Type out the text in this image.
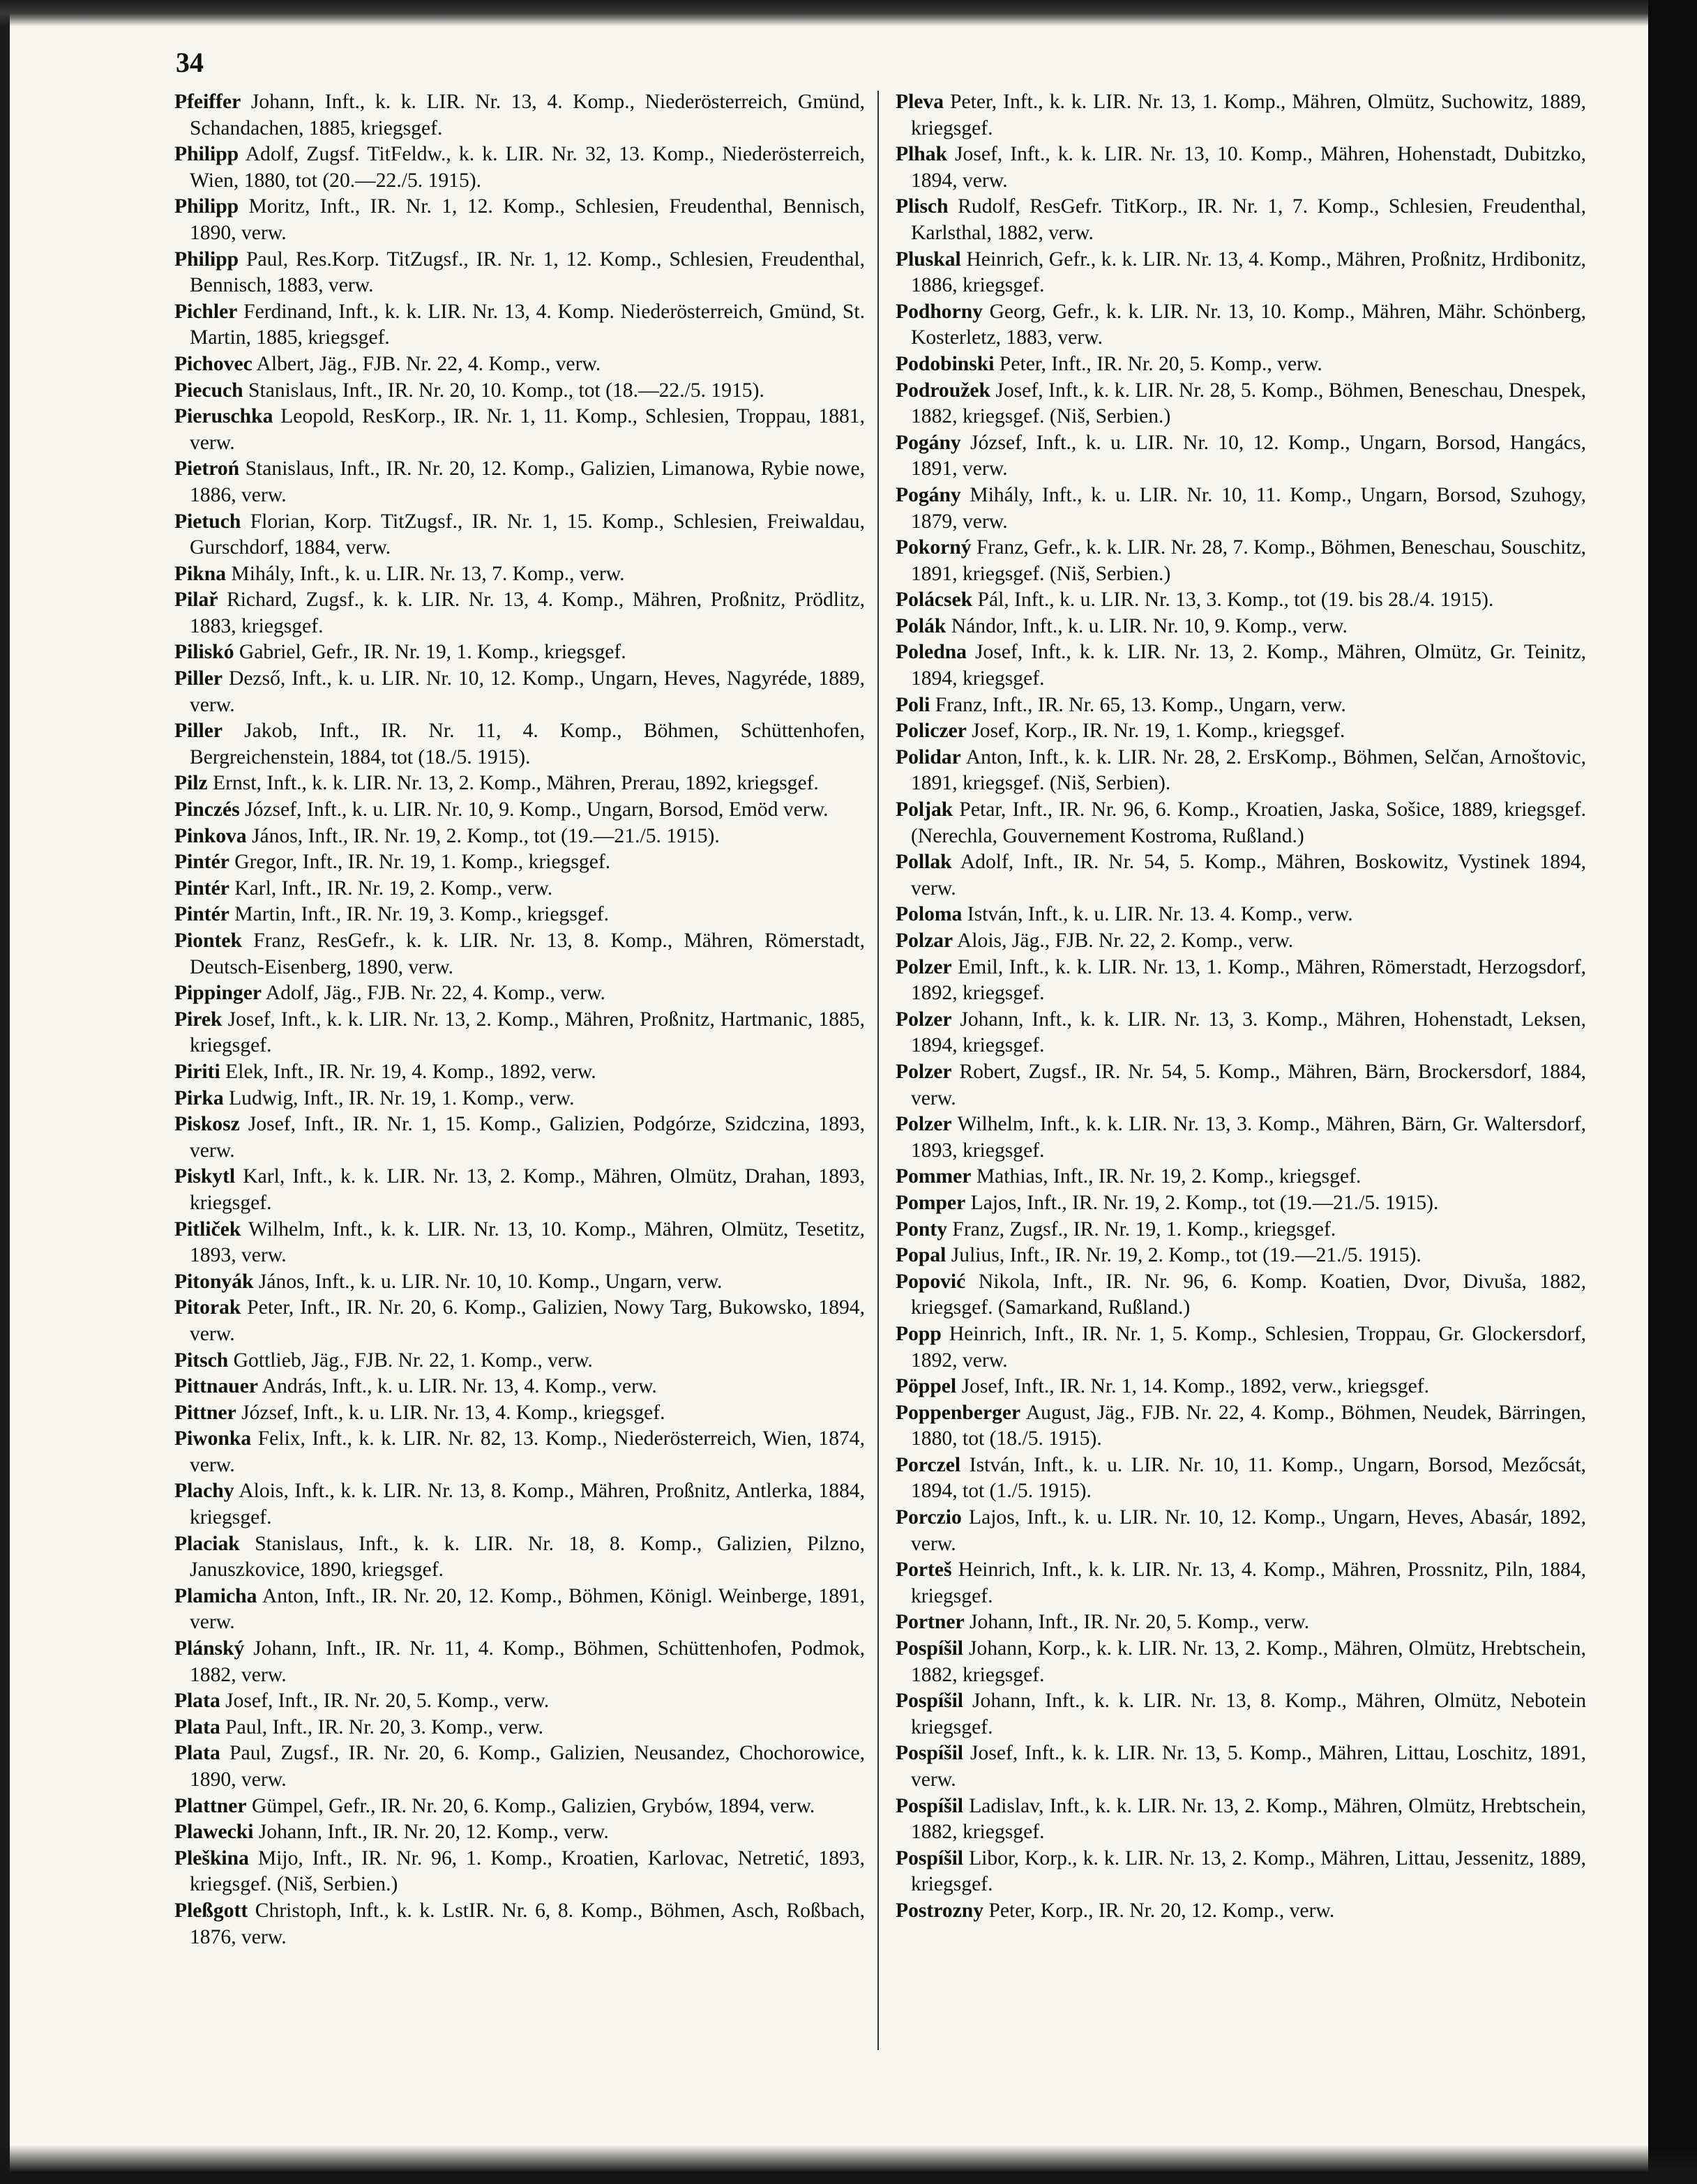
34

Pfeiffer Johann, Inft., k. k. LIR. Nr. 13, 4. Komp., Niederösterreich, Gmünd, Schandachen, 1885, kriegsgef.

Philipp Adolf, Zugsf. TitFeldw., k. k. LIR. Nr. 32, 13. Komp., Niederösterreich, Wien, 1880, tot (20.—22./5. 1915).

Philipp Moritz, Inft., IR. Nr. 1, 12. Komp., Schlesien, Freudenthal, Bennisch, 1890, verw.

Philipp Paul, Res.Korp. TitZugsf., IR. Nr. 1, 12. Komp., Schlesien, Freudenthal, Bennisch, 1883, verw.

Pichler Ferdinand, Inft., k. k. LIR. Nr. 13, 4. Komp. Niederösterreich, Gmünd, St. Martin, 1885, kriegsgef.

Pichovec Albert, Jäg., FJB. Nr. 22, 4. Komp., verw.

Piecuch Stanislaus, Inft., IR. Nr. 20, 10. Komp., tot (18.—22./5. 1915).

Pieruschka Leopold, ResKorp., IR. Nr. 1, 11. Komp., Schlesien, Troppau, 1881, verw.

Pietroń Stanislaus, Inft., IR. Nr. 20, 12. Komp., Galizien, Limanowa, Rybie nowe, 1886, verw.

Pietuch Florian, Korp. TitZugsf., IR. Nr. 1, 15. Komp., Schlesien, Freiwaldau, Gurschdorf, 1884, verw.

Pikna Mihály, Inft., k. u. LIR. Nr. 13, 7. Komp., verw.

Pilař Richard, Zugsf., k. k. LIR. Nr. 13, 4. Komp., Mähren, Proßnitz, Prödlitz, 1883, kriegsgef.

Piliskó Gabriel, Gefr., IR. Nr. 19, 1. Komp., kriegsgef.

Piller Dezső, Inft., k. u. LIR. Nr. 10, 12. Komp., Ungarn, Heves, Nagyréde, 1889, verw.

Piller Jakob, Inft., IR. Nr. 11, 4. Komp., Böhmen, Schüttenhofen, Bergreichenstein, 1884, tot (18./5. 1915).

Pilz Ernst, Inft., k. k. LIR. Nr. 13, 2. Komp., Mähren, Prerau, 1892, kriegsgef.

Pinczés József, Inft., k. u. LIR. Nr. 10, 9. Komp., Ungarn, Borsod, Emöd verw.

Pinkova János, Inft., IR. Nr. 19, 2. Komp., tot (19.—21./5. 1915).

Pintér Gregor, Inft., IR. Nr. 19, 1. Komp., kriegsgef.

Pintér Karl, Inft., IR. Nr. 19, 2. Komp., verw.

Pintér Martin, Inft., IR. Nr. 19, 3. Komp., kriegsgef.

Piontek Franz, ResGefr., k. k. LIR. Nr. 13, 8. Komp., Mähren, Römerstadt, Deutsch-Eisenberg, 1890, verw.

Pippinger Adolf, Jäg., FJB. Nr. 22, 4. Komp., verw.

Pirek Josef, Inft., k. k. LIR. Nr. 13, 2. Komp., Mähren, Proßnitz, Hartmanic, 1885, kriegsgef.

Piriti Elek, Inft., IR. Nr. 19, 4. Komp., 1892, verw.

Pirka Ludwig, Inft., IR. Nr. 19, 1. Komp., verw.

Piskosz Josef, Inft., IR. Nr. 1, 15. Komp., Galizien, Podgórze, Szidczina, 1893, verw.

Piskytl Karl, Inft., k. k. LIR. Nr. 13, 2. Komp., Mähren, Olmütz, Drahan, 1893, kriegsgef.

Pitliček Wilhelm, Inft., k. k. LIR. Nr. 13, 10. Komp., Mähren, Olmütz, Tesetitz, 1893, verw.

Pitonyák János, Inft., k. u. LIR. Nr. 10, 10. Komp., Ungarn, verw.

Pitorak Peter, Inft., IR. Nr. 20, 6. Komp., Galizien, Nowy Targ, Bukowsko, 1894, verw.

Pitsch Gottlieb, Jäg., FJB. Nr. 22, 1. Komp., verw.

Pittnauer András, Inft., k. u. LIR. Nr. 13, 4. Komp., verw.

Pittner József, Inft., k. u. LIR. Nr. 13, 4. Komp., kriegsgef.

Piwonka Felix, Inft., k. k. LIR. Nr. 82, 13. Komp., Niederösterreich, Wien, 1874, verw.

Plachy Alois, Inft., k. k. LIR. Nr. 13, 8. Komp., Mähren, Proßnitz, Antlerka, 1884, kriegsgef.

Placiak Stanislaus, Inft., k. k. LIR. Nr. 18, 8. Komp., Galizien, Pilzno, Januszkovice, 1890, kriegsgef.

Plamicha Anton, Inft., IR. Nr. 20, 12. Komp., Böhmen, Königl. Weinberge, 1891, verw.

Plánský Johann, Inft., IR. Nr. 11, 4. Komp., Böhmen, Schüttenhofen, Podmok, 1882, verw.

Plata Josef, Inft., IR. Nr. 20, 5. Komp., verw.

Plata Paul, Inft., IR. Nr. 20, 3. Komp., verw.

Plata Paul, Zugsf., IR. Nr. 20, 6. Komp., Galizien, Neusandez, Chochorowice, 1890, verw.

Plattner Gümpel, Gefr., IR. Nr. 20, 6. Komp., Galizien, Grybów, 1894, verw.

Plawecki Johann, Inft., IR. Nr. 20, 12. Komp., verw.

Pleškina Mijo, Inft., IR. Nr. 96, 1. Komp., Kroatien, Karlovac, Netretić, 1893, kriegsgef. (Niš, Serbien.)

Pleßgott Christoph, Inft., k. k. LstIR. Nr. 6, 8. Komp., Böhmen, Asch, Roßbach, 1876, verw.

Pleva Peter, Inft., k. k. LIR. Nr. 13, 1. Komp., Mähren, Olmütz, Suchowitz, 1889, kriegsgef.

Plhak Josef, Inft., k. k. LIR. Nr. 13, 10. Komp., Mähren, Hohenstadt, Dubitzko, 1894, verw.

Plisch Rudolf, ResGefr. TitKorp., IR. Nr. 1, 7. Komp., Schlesien, Freudenthal, Karlsthal, 1882, verw.

Pluskal Heinrich, Gefr., k. k. LIR. Nr. 13, 4. Komp., Mähren, Proßnitz, Hrdibonitz, 1886, kriegsgef.

Podhorny Georg, Gefr., k. k. LIR. Nr. 13, 10. Komp., Mähren, Mähr. Schönberg, Kosterletz, 1883, verw.

Podobinski Peter, Inft., IR. Nr. 20, 5. Komp., verw.

Podroužek Josef, Inft., k. k. LIR. Nr. 28, 5. Komp., Böhmen, Beneschau, Dnespek, 1882, kriegsgef. (Niš, Serbien.)

Pogány József, Inft., k. u. LIR. Nr. 10, 12. Komp., Ungarn, Borsod, Hangács, 1891, verw.

Pogány Mihály, Inft., k. u. LIR. Nr. 10, 11. Komp., Ungarn, Borsod, Szuhogy, 1879, verw.

Pokorný Franz, Gefr., k. k. LIR. Nr. 28, 7. Komp., Böhmen, Beneschau, Souschitz, 1891, kriegsgef. (Niš, Serbien.)

Polácsek Pál, Inft., k. u. LIR. Nr. 13, 3. Komp., tot (19. bis 28./4. 1915).

Polák Nándor, Inft., k. u. LIR. Nr. 10, 9. Komp., verw.

Poledna Josef, Inft., k. k. LIR. Nr. 13, 2. Komp., Mähren, Olmütz, Gr. Teinitz, 1894, kriegsgef.

Poli Franz, Inft., IR. Nr. 65, 13. Komp., Ungarn, verw.

Policzer Josef, Korp., IR. Nr. 19, 1. Komp., kriegsgef.

Polidar Anton, Inft., k. k. LIR. Nr. 28, 2. ErsKomp., Böhmen, Selčan, Arnoštovic, 1891, kriegsgef. (Niš, Serbien).

Poljak Petar, Inft., IR. Nr. 96, 6. Komp., Kroatien, Jaska, Sošice, 1889, kriegsgef. (Nerechla, Gouvernement Kostroma, Rußland.)

Pollak Adolf, Inft., IR. Nr. 54, 5. Komp., Mähren, Boskowitz, Vystinek 1894, verw.

Poloma István, Inft., k. u. LIR. Nr. 13. 4. Komp., verw.

Polzar Alois, Jäg., FJB. Nr. 22, 2. Komp., verw.

Polzer Emil, Inft., k. k. LIR. Nr. 13, 1. Komp., Mähren, Römerstadt, Herzogsdorf, 1892, kriegsgef.

Polzer Johann, Inft., k. k. LIR. Nr. 13, 3. Komp., Mähren, Hohenstadt, Leksen, 1894, kriegsgef.

Polzer Robert, Zugsf., IR. Nr. 54, 5. Komp., Mähren, Bärn, Brockersdorf, 1884, verw.

Polzer Wilhelm, Inft., k. k. LIR. Nr. 13, 3. Komp., Mähren, Bärn, Gr. Waltersdorf, 1893, kriegsgef.

Pommer Mathias, Inft., IR. Nr. 19, 2. Komp., kriegsgef.

Pomper Lajos, Inft., IR. Nr. 19, 2. Komp., tot (19.—21./5. 1915).

Ponty Franz, Zugsf., IR. Nr. 19, 1. Komp., kriegsgef.

Popal Julius, Inft., IR. Nr. 19, 2. Komp., tot (19.—21./5. 1915).

Popović Nikola, Inft., IR. Nr. 96, 6. Komp. Koatien, Dvor, Divuša, 1882, kriegsgef. (Samarkand, Rußland.)

Popp Heinrich, Inft., IR. Nr. 1, 5. Komp., Schlesien, Troppau, Gr. Glockersdorf, 1892, verw.

Pöppel Josef, Inft., IR. Nr. 1, 14. Komp., 1892, verw., kriegsgef.

Poppenberger August, Jäg., FJB. Nr. 22, 4. Komp., Böhmen, Neudek, Bärringen, 1880, tot (18./5. 1915).

Porczel István, Inft., k. u. LIR. Nr. 10, 11. Komp., Ungarn, Borsod, Mezőcsát, 1894, tot (1./5. 1915).

Porczio Lajos, Inft., k. u. LIR. Nr. 10, 12. Komp., Ungarn, Heves, Abasár, 1892, verw.

Porteš Heinrich, Inft., k. k. LIR. Nr. 13, 4. Komp., Mähren, Prossnitz, Piln, 1884, kriegsgef.

Portner Johann, Inft., IR. Nr. 20, 5. Komp., verw.

Pospíšil Johann, Korp., k. k. LIR. Nr. 13, 2. Komp., Mähren, Olmütz, Hrebtschein, 1882, kriegsgef.

Pospíšil Johann, Inft., k. k. LIR. Nr. 13, 8. Komp., Mähren, Olmütz, Nebotein kriegsgef.

Pospíšil Josef, Inft., k. k. LIR. Nr. 13, 5. Komp., Mähren, Littau, Loschitz, 1891, verw.

Pospíšil Ladislav, Inft., k. k. LIR. Nr. 13, 2. Komp., Mähren, Olmütz, Hrebtschein, 1882, kriegsgef.

Pospíšil Libor, Korp., k. k. LIR. Nr. 13, 2. Komp., Mähren, Littau, Jessenitz, 1889, kriegsgef.

Postrozny Peter, Korp., IR. Nr. 20, 12. Komp., verw.
